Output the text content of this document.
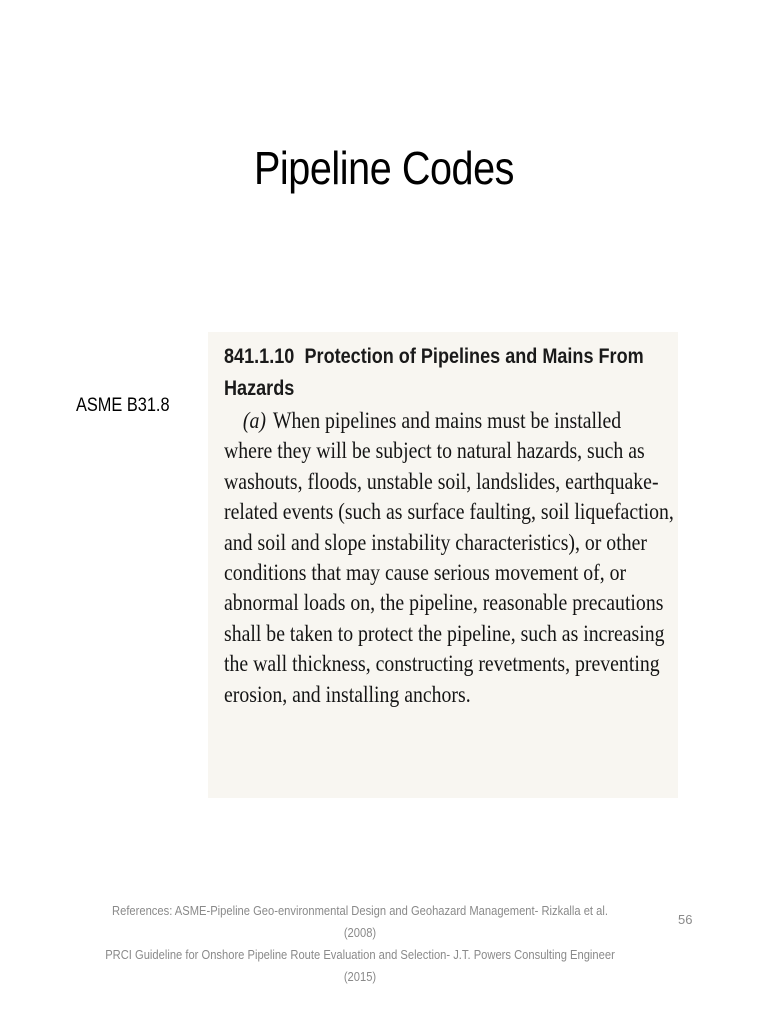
Pipeline Codes
ASME B31.8
841.1.10 Protection of Pipelines and Mains From
Hazards
(a) When pipelines and mains must be installed
where they will be subject to natural hazards, such as
washouts, floods, unstable soil, landslides, earthquake-
related events (such as surface faulting, soil liquefaction,
and soil and slope instability characteristics), or other
conditions that may cause serious movement of, or
abnormal loads on, the pipeline, reasonable precautions
shall be taken to protect the pipeline, such as increasing
the wall thickness, constructing revetments, preventing
erosion, and installing anchors.
References: ASME-Pipeline Geo-environmental Design and Geohazard Management- Rizkalla et al. (2008)
PRCI Guideline for Onshore Pipeline Route Evaluation and Selection- J.T. Powers Consulting Engineer (2015)
56
